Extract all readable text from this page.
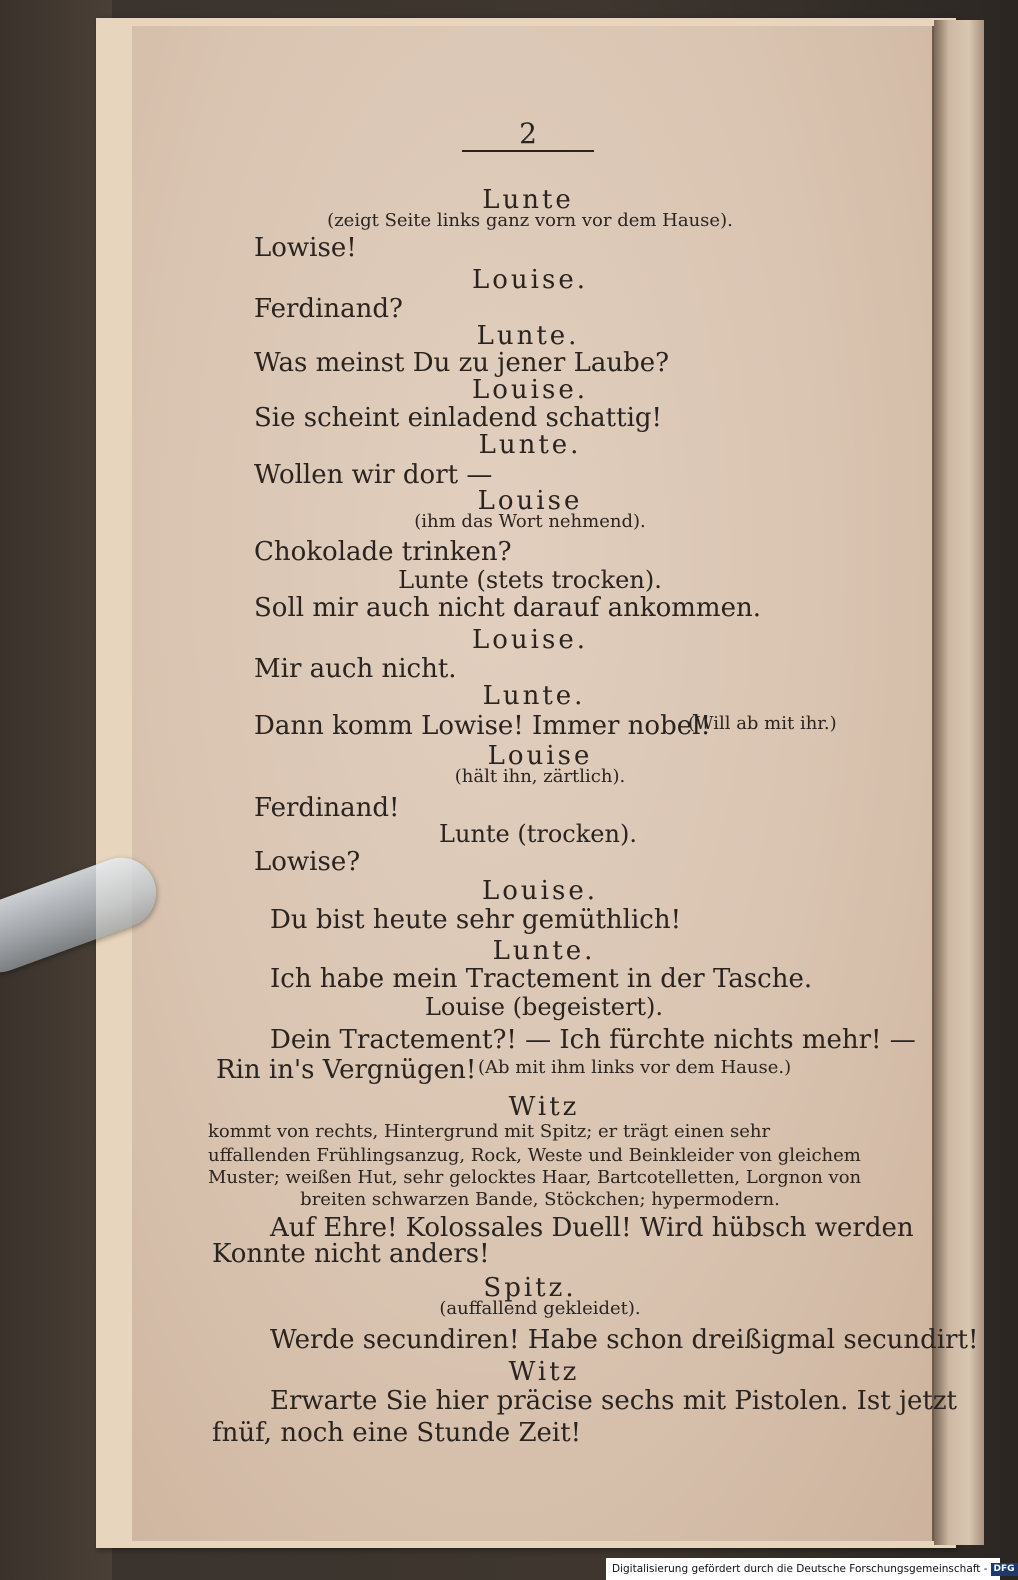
2
Lunte
(zeigt Seite links ganz vorn vor dem Hause).
Lowise!
Louise.
Ferdinand?
Lunte.
Was meinst Du zu jener Laube?
Louise.
Sie scheint einladend schattig!
Lunte.
Wollen wir dort —
Louise
(ihm das Wort nehmend).
Chokolade trinken?
Lunte (stets trocken).
Soll mir auch nicht darauf ankommen.
Louise.
Mir auch nicht.
Lunte.
Dann komm Lowise! Immer nobel!
(Will ab mit ihr.)
Louise
(hält ihn, zärtlich).
Ferdinand!
Lunte (trocken).
Lowise?
Louise.
Du bist heute sehr gemüthlich!
Lunte.
Ich habe mein Tractement in der Tasche.
Louise (begeistert).
Dein Tractement?! — Ich fürchte nichts mehr! —
Rin in's Vergnügen! (Ab mit ihm links vor dem Hause.)
Witz
kommt von rechts, Hintergrund mit Spitz; er trägt einen sehr
uffallenden Frühlingsanzug, Rock, Weste und Beinkleider von gleichem
Muster; weißen Hut, sehr gelocktes Haar, Bartcotelletten, Lorgnon von
breiten schwarzen Bande, Stöckchen; hypermodern.
Auf Ehre! Kolossales Duell! Wird hübsch werden
Konnte nicht anders!
Spitz.
(auffallend gekleidet).
Werde secundiren! Habe schon dreißigmal secundirt!
Witz
Erwarte Sie hier präcise sechs mit Pistolen. Ist jetzt
fnüf, noch eine Stunde Zeit!
Digitalisierung gefördert durch die Deutsche Forschungsgemeinschaft - DFG
